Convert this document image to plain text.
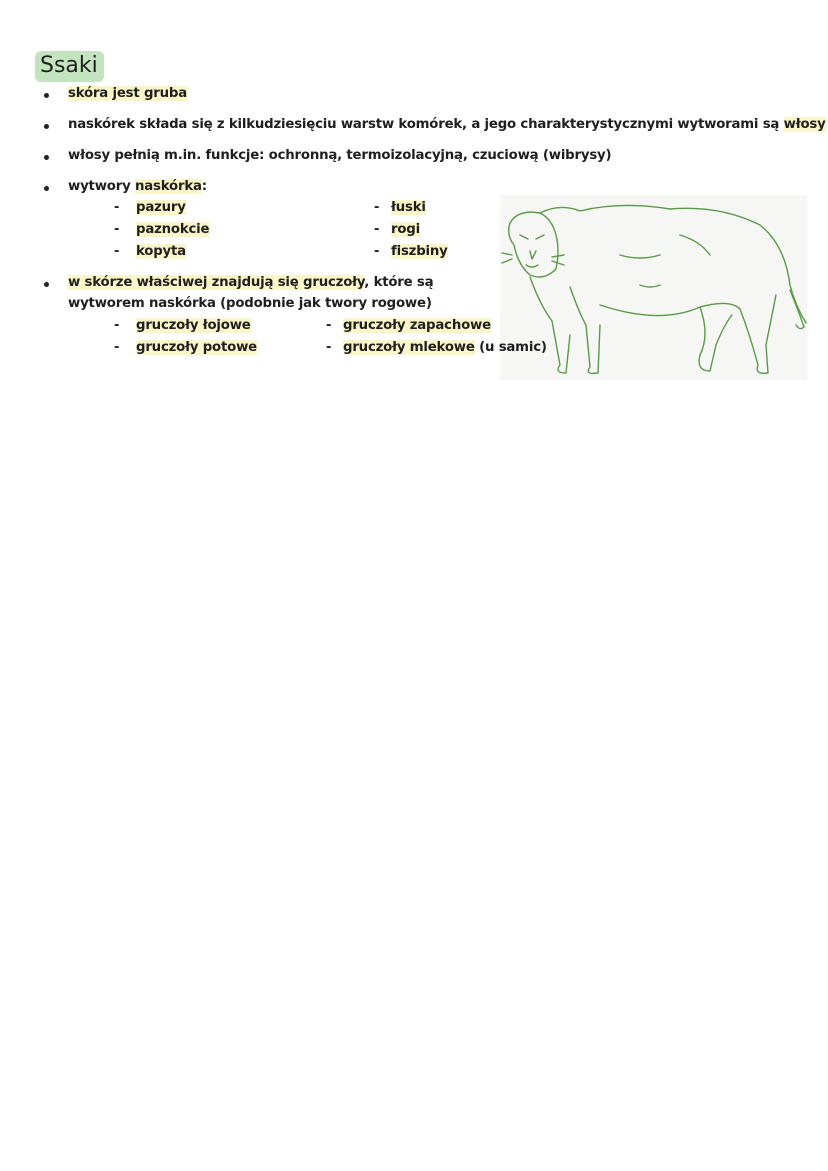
Ssaki
skóra jest gruba
naskórek składa się z kilkudziesięciu warstw komórek, a jego charakterystycznymi wytworami są włosy
włosy pełnią m.in. funkcje: ochronną, termoizolacyjną, czuciową (wibrysy)
wytwory naskórka:
- pazury
- paznokcie
- kopyta
- łuski
- rogi
- fiszbiny
w skórze właściwej znajdują się gruczoły, które są
wytworem naskórka (podobnie jak twory rogowe)
- gruczoły łojowe
- gruczoły potowe
- gruczoły zapachowe
- gruczoły mlekowe (u samic)
